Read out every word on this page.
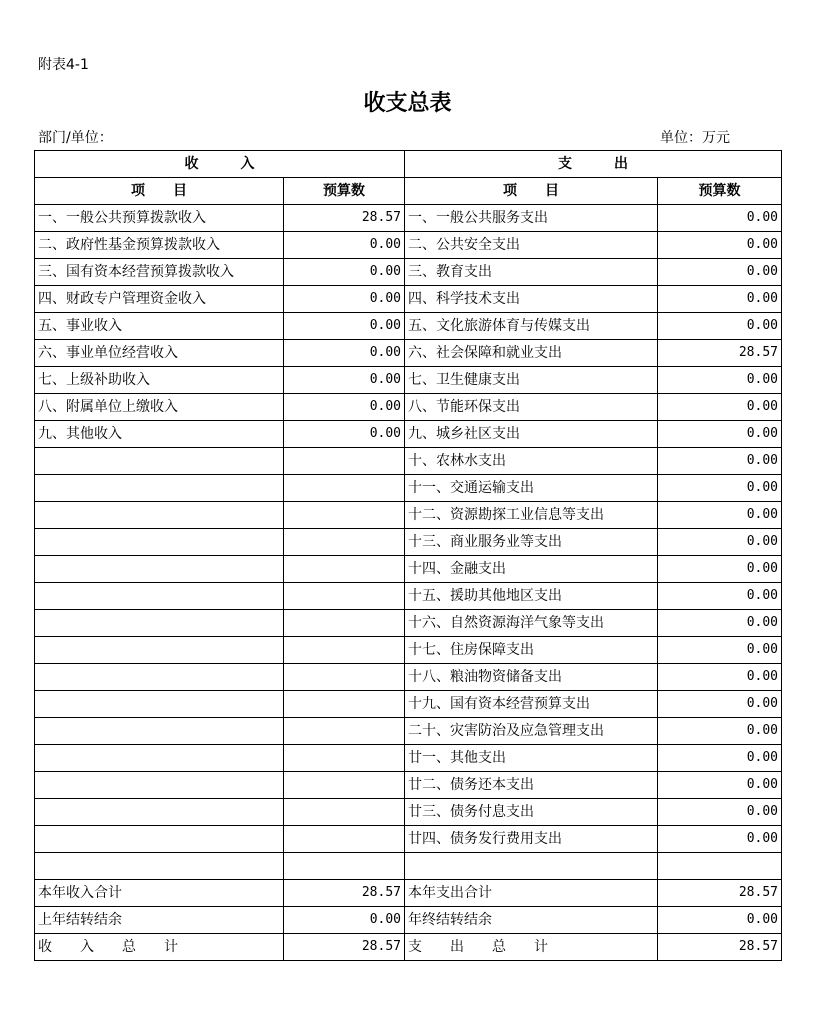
附表4-1
收支总表
部门/单位：	单位：万元
收　　　入		支　　　出	
项　　目	预算数	项　　目	预算数
一、一般公共预算拨款收入	28.57	一、一般公共服务支出	0.00
二、政府性基金预算拨款收入	0.00	二、公共安全支出	0.00
三、国有资本经营预算拨款收入	0.00	三、教育支出	0.00
四、财政专户管理资金收入	0.00	四、科学技术支出	0.00
五、事业收入	0.00	五、文化旅游体育与传媒支出	0.00
六、事业单位经营收入	0.00	六、社会保障和就业支出	28.57
七、上级补助收入	0.00	七、卫生健康支出	0.00
八、附属单位上缴收入	0.00	八、节能环保支出	0.00
九、其他收入	0.00	九、城乡社区支出	0.00
		十、农林水支出	0.00
		十一、交通运输支出	0.00
		十二、资源勘探工业信息等支出	0.00
		十三、商业服务业等支出	0.00
		十四、金融支出	0.00
		十五、援助其他地区支出	0.00
		十六、自然资源海洋气象等支出	0.00
		十七、住房保障支出	0.00
		十八、粮油物资储备支出	0.00
		十九、国有资本经营预算支出	0.00
		二十、灾害防治及应急管理支出	0.00
		廿一、其他支出	0.00
		廿二、债务还本支出	0.00
		廿三、债务付息支出	0.00
		廿四、债务发行费用支出	0.00

本年收入合计	28.57	本年支出合计	28.57
上年结转结余	0.00	年终结转结余	0.00
收　　入　　总　　计	28.57	支　　出　　总　　计	28.57
